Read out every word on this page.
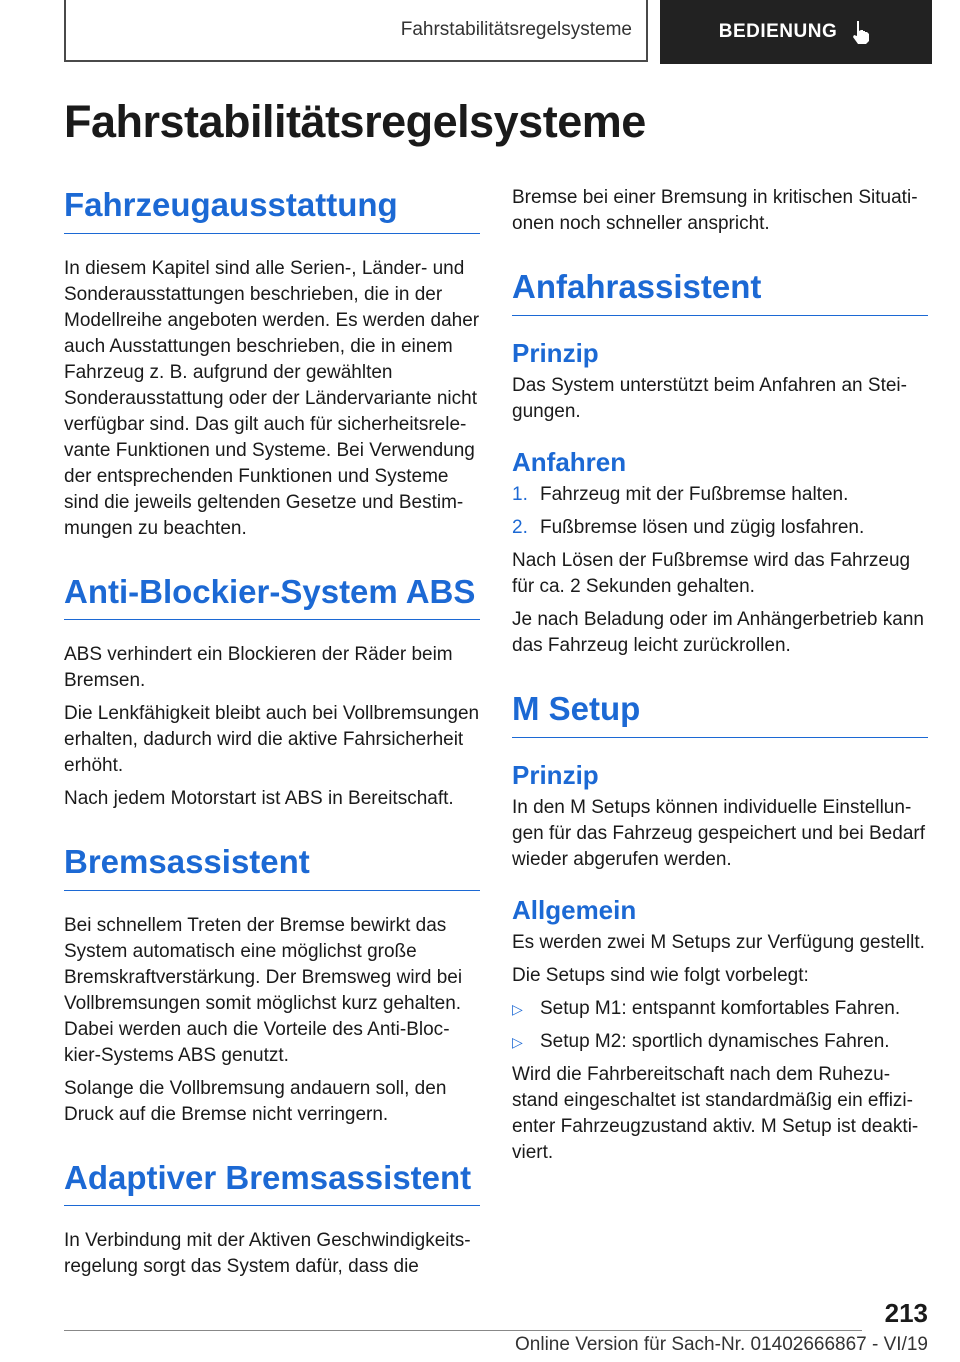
Fahrstabilitätsregelsysteme	BEDIENUNG
Fahrstabilitätsregelsysteme
Fahrzeugausstattung

In diesem Kapitel sind alle Serien-, Länder- und Sonderausstattungen beschrieben, die in der Modellreihe angeboten werden. Es werden daher auch Ausstattungen beschrieben, die in einem Fahrzeug z. B. aufgrund der gewählten Sonderausstattung oder der Ländervariante nicht verfügbar sind. Das gilt auch für sicherheitsrelevante Funktionen und Systeme. Bei Verwendung der entsprechenden Funktionen und Systeme sind die jeweils geltenden Gesetze und Bestimmungen zu beachten.

Anti-Blockier-System ABS

ABS verhindert ein Blockieren der Räder beim Bremsen.

Die Lenkfähigkeit bleibt auch bei Vollbremsungen erhalten, dadurch wird die aktive Fahrsicherheit erhöht.

Nach jedem Motorstart ist ABS in Bereitschaft.

Bremsassistent

Bei schnellem Treten der Bremse bewirkt das System automatisch eine möglichst große Bremskraftverstärkung. Der Bremsweg wird bei Vollbremsungen somit möglichst kurz gehalten. Dabei werden auch die Vorteile des Anti-Blockier-Systems ABS genutzt.

Solange die Vollbremsung andauern soll, den Druck auf die Bremse nicht verringern.

Adaptiver Bremsassistent

In Verbindung mit der Aktiven Geschwindigkeitsregelung sorgt das System dafür, dass die

Bremse bei einer Bremsung in kritischen Situationen noch schneller anspricht.

Anfahrassistent
Prinzip

Das System unterstützt beim Anfahren an Steigungen.

Anfahren
1. Fahrzeug mit der Fußbremse halten.
2. Fußbremse lösen und zügig losfahren.

Nach Lösen der Fußbremse wird das Fahrzeug für ca. 2 Sekunden gehalten.

Je nach Beladung oder im Anhängerbetrieb kann das Fahrzeug leicht zurückrollen.

M Setup
Prinzip

In den M Setups können individuelle Einstellungen für das Fahrzeug gespeichert und bei Bedarf wieder abgerufen werden.

Allgemein

Es werden zwei M Setups zur Verfügung gestellt.

Die Setups sind wie folgt vorbelegt:

▷ Setup M1: entspannt komfortables Fahren.
▷ Setup M2: sportlich dynamisches Fahren.

Wird die Fahrbereitschaft nach dem Ruhezustand eingeschaltet ist standardmäßig ein effizienter Fahrzeugzustand aktiv. M Setup ist deaktiviert.

213
Online Version für Sach-Nr. 01402666867 - VI/19
